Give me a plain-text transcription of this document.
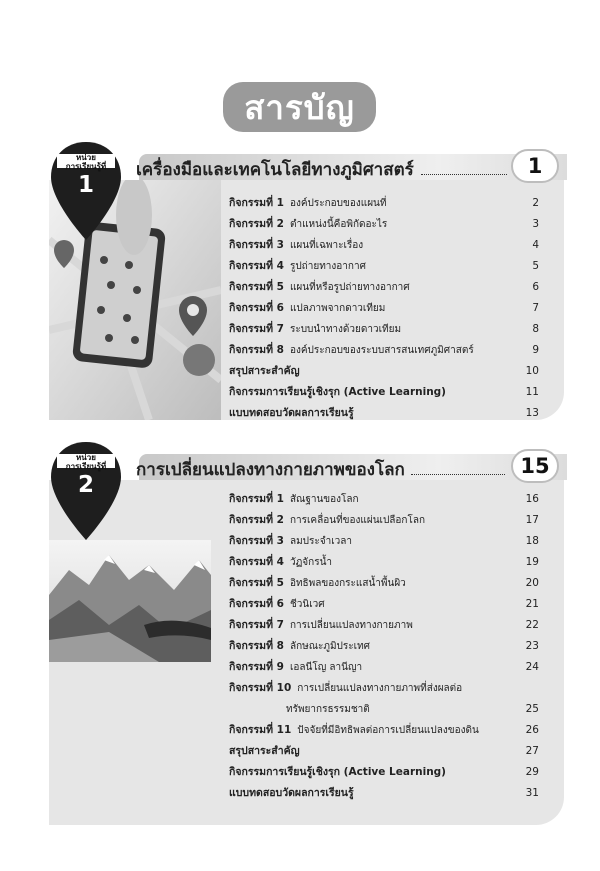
สารบัญ
หน่วย
การเรียนรู้ที่
1
เครื่องมือและเทคโนโลยีทางภูมิศาสตร์	1
กิจกรรมที่ 1 องค์ประกอบของแผนที่	2
กิจกรรมที่ 2 ตำแหน่งนี้คือพิกัดอะไร	3
กิจกรรมที่ 3 แผนที่เฉพาะเรื่อง	4
กิจกรรมที่ 4 รูปถ่ายทางอากาศ	5
กิจกรรมที่ 5 แผนที่หรือรูปถ่ายทางอากาศ	6
กิจกรรมที่ 6 แปลภาพจากดาวเทียม	7
กิจกรรมที่ 7 ระบบนำทางด้วยดาวเทียม	8
กิจกรรมที่ 8 องค์ประกอบของระบบสารสนเทศภูมิศาสตร์	9
สรุปสาระสำคัญ	10
กิจกรรมการเรียนรู้เชิงรุก (Active Learning)	11
แบบทดสอบวัดผลการเรียนรู้	13
หน่วย
การเรียนรู้ที่
2
การเปลี่ยนแปลงทางกายภาพของโลก	15
กิจกรรมที่ 1 สัณฐานของโลก	16
กิจกรรมที่ 2 การเคลื่อนที่ของแผ่นเปลือกโลก	17
กิจกรรมที่ 3 ลมประจำเวลา	18
กิจกรรมที่ 4 วัฏจักรน้ำ	19
กิจกรรมที่ 5 อิทธิพลของกระแสน้ำพื้นผิว	20
กิจกรรมที่ 6 ชีวนิเวศ	21
กิจกรรมที่ 7 การเปลี่ยนแปลงทางกายภาพ	22
กิจกรรมที่ 8 ลักษณะภูมิประเทศ	23
กิจกรรมที่ 9 เอลนีโญ ลานีญา	24
กิจกรรมที่ 10 การเปลี่ยนแปลงทางกายภาพที่ส่งผลต่อ
ทรัพยากรธรรมชาติ	25
กิจกรรมที่ 11 ปัจจัยที่มีอิทธิพลต่อการเปลี่ยนแปลงของดิน	26
สรุปสาระสำคัญ	27
กิจกรรมการเรียนรู้เชิงรุก (Active Learning)	29
แบบทดสอบวัดผลการเรียนรู้	31
